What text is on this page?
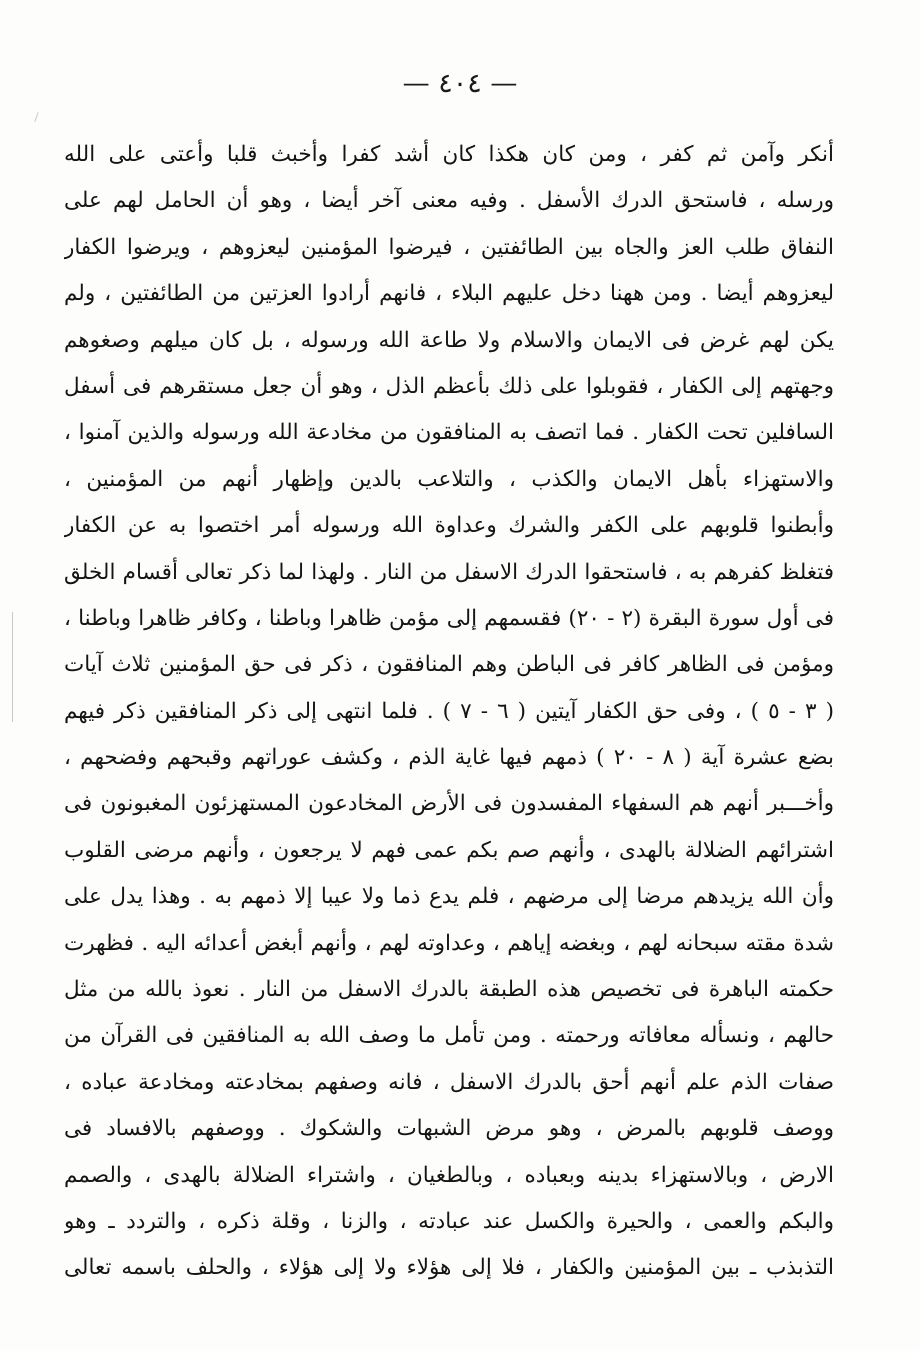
— ٤٠٤ —
أنكر وآمن ثم كفر ، ومن كان هكذا كان أشد كفرا وأخبث قلبا وأعتى على الله
ورسله ، فاستحق الدرك الأسفل . وفيه معنى آخر أيضا ، وهو أن الحامل لهم على
النفاق طلب العز والجاه بين الطائفتين ، فيرضوا المؤمنين ليعزوهم ، ويرضوا الكفار
ليعزوهم أيضا . ومن ههنا دخل عليهم البلاء ، فانهم أرادوا العزتين من الطائفتين ، ولم
يكن لهم غرض فى الايمان والاسلام ولا طاعة الله ورسوله ، بل كان ميلهم وصغوهم
وجهتهم إلى الكفار ، فقوبلوا على ذلك بأعظم الذل ، وهو أن جعل مستقرهم فى أسفل
السافلين تحت الكفار . فما اتصف به المنافقون من مخادعة الله ورسوله والذين آمنوا ،
والاستهزاء بأهل الايمان والكذب ، والتلاعب بالدين وإظهار أنهم من المؤمنين ،
وأبطنوا قلوبهم على الكفر والشرك وعداوة الله ورسوله أمر اختصوا به عن الكفار
فتغلظ كفرهم به ، فاستحقوا الدرك الاسفل من النار . ولهذا لما ذكر تعالى أقسام الخلق
فى أول سورة البقرة (٢ - ٢٠) فقسمهم إلى مؤمن ظاهرا وباطنا ، وكافر ظاهرا وباطنا ،
ومؤمن فى الظاهر كافر فى الباطن وهم المنافقون ، ذكر فى حق المؤمنين ثلاث آيات
( ٣ - ٥ ) ، وفى حق الكفار آيتين ( ٦ - ٧ ) . فلما انتهى إلى ذكر المنافقين ذكر فيهم
بضع عشرة آية ( ٨ - ٢٠ ) ذمهم فيها غاية الذم ، وكشف عوراتهم وقبحهم وفضحهم ،
وأخـــبر أنهم هم السفهاء المفسدون فى الأرض المخادعون المستهزئون المغبونون فى
اشترائهم الضلالة بالهدى ، وأنهم صم بكم عمى فهم لا يرجعون ، وأنهم مرضى القلوب
وأن الله يزيدهم مرضا إلى مرضهم ، فلم يدع ذما ولا عيبا إلا ذمهم به . وهذا يدل على
شدة مقته سبحانه لهم ، وبغضه إياهم ، وعداوته لهم ، وأنهم أبغض أعدائه اليه . فظهرت
حكمته الباهرة فى تخصيص هذه الطبقة بالدرك الاسفل من النار . نعوذ بالله من مثل
حالهم ، ونسأله معافاته ورحمته . ومن تأمل ما وصف الله به المنافقين فى القرآن من
صفات الذم علم أنهم أحق بالدرك الاسفل ، فانه وصفهم بمخادعته ومخادعة عباده ،
ووصف قلوبهم بالمرض ، وهو مرض الشبهات والشكوك . ووصفهم بالافساد فى
الارض ، وبالاستهزاء بدينه وبعباده ، وبالطغيان ، واشتراء الضلالة بالهدى ، والصمم
والبكم والعمى ، والحيرة والكسل عند عبادته ، والزنا ، وقلة ذكره ، والتردد ـ وهو
التذبذب ـ بين المؤمنين والكفار ، فلا إلى هؤلاء ولا إلى هؤلاء ، والحلف باسمه تعالى
